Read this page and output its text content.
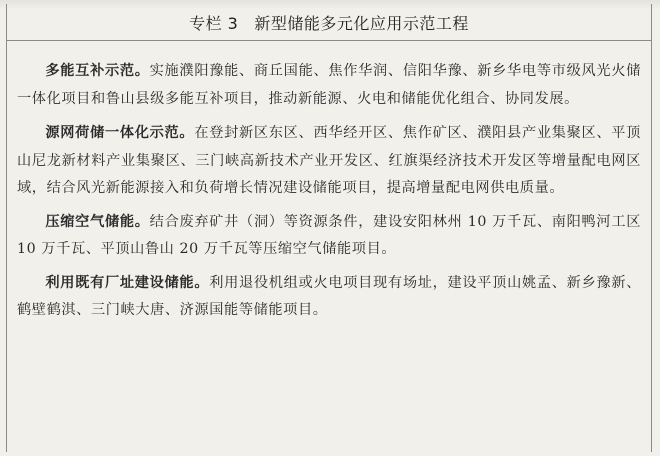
专栏 3 新型储能多元化应用示范工程

多能互补示范。实施濮阳豫能、商丘国能、焦作华润、信阳华豫、新乡华电等市级风光火储一体化项目和鲁山县级多能互补项目，推动新能源、火电和储能优化组合、协同发展。

源网荷储一体化示范。在登封新区东区、西华经开区、焦作矿区、濮阳县产业集聚区、平顶山尼龙新材料产业集聚区、三门峡高新技术产业开发区、红旗渠经济技术开发区等增量配电网区域，结合风光新能源接入和负荷增长情况建设储能项目，提高增量配电网供电质量。

压缩空气储能。结合废弃矿井（洞）等资源条件，建设安阳林州 10 万千瓦、南阳鸭河工区 10 万千瓦、平顶山鲁山 20 万千瓦等压缩空气储能项目。

利用既有厂址建设储能。利用退役机组或火电项目现有场址，建设平顶山姚孟、新乡豫新、鹤壁鹤淇、三门峡大唐、济源国能等储能项目。
